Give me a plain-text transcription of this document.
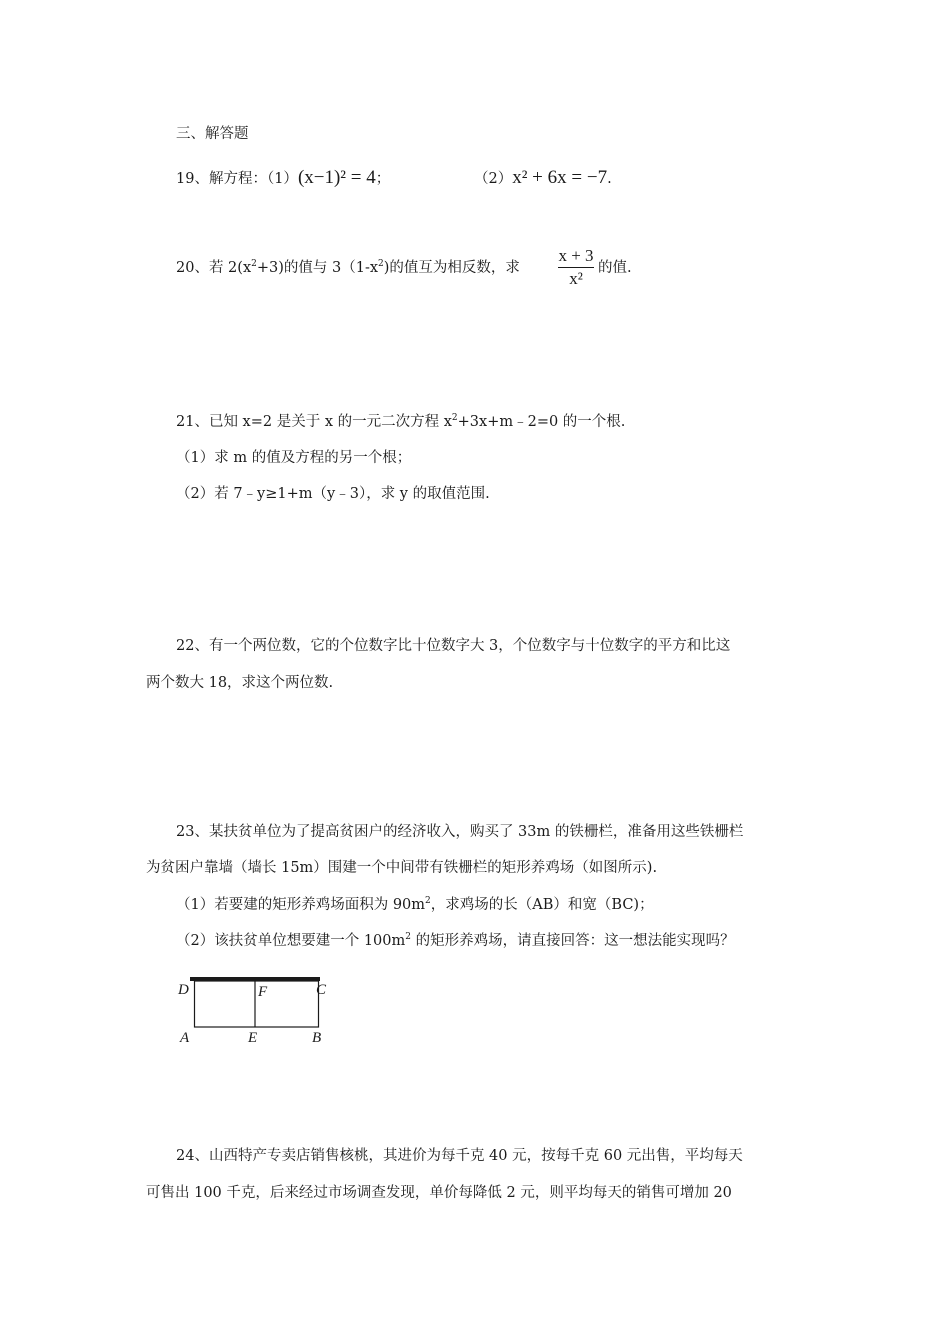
三、解答题
19、解方程：（1）(x−1)² = 4；	（2）x² + 6x = −7.
20、若 $2(x^2+3)$的值与 $3(1-x^2)$的值互为相反数，求 $\frac{x + 3}{\text{x²}}$ 的值.
21、已知 x=2 是关于 x 的一元二次方程 $x^2+3x+m﹣2=0$ 的一个根.
（1）求 m 的值及方程的另一个根；
（2）若 7﹣y≥1+m（y﹣3），求 y 的取值范围.
22、有一个两位数，它的个位数字比十位数字大 3，个位数字与十位数字的平方和比这
两个数大 18，求这个两位数.
23、某扶贫单位为了提高贫困户的经济收入，购买了 33m 的铁栅栏，准备用这些铁栅栏
为贫困户靠墙（墙长 15m）围建一个中间带有铁栅栏的矩形养鸡场（如图所示).
（1）若要建的矩形养鸡场面积为 $90m^2$，求鸡场的长（AB）和宽（BC)；
（2）该扶贫单位想要建一个 $100m^2$ 的矩形养鸡场，请直接回答：这一想法能实现吗？
D	F	C
A	E	B
24、山西特产专卖店销售核桃，其进价为每千克 40 元，按每千克 60 元出售，平均每天
可售出 100 千克，后来经过市场调查发现，单价每降低 2 元，则平均每天的销售可增加 20
